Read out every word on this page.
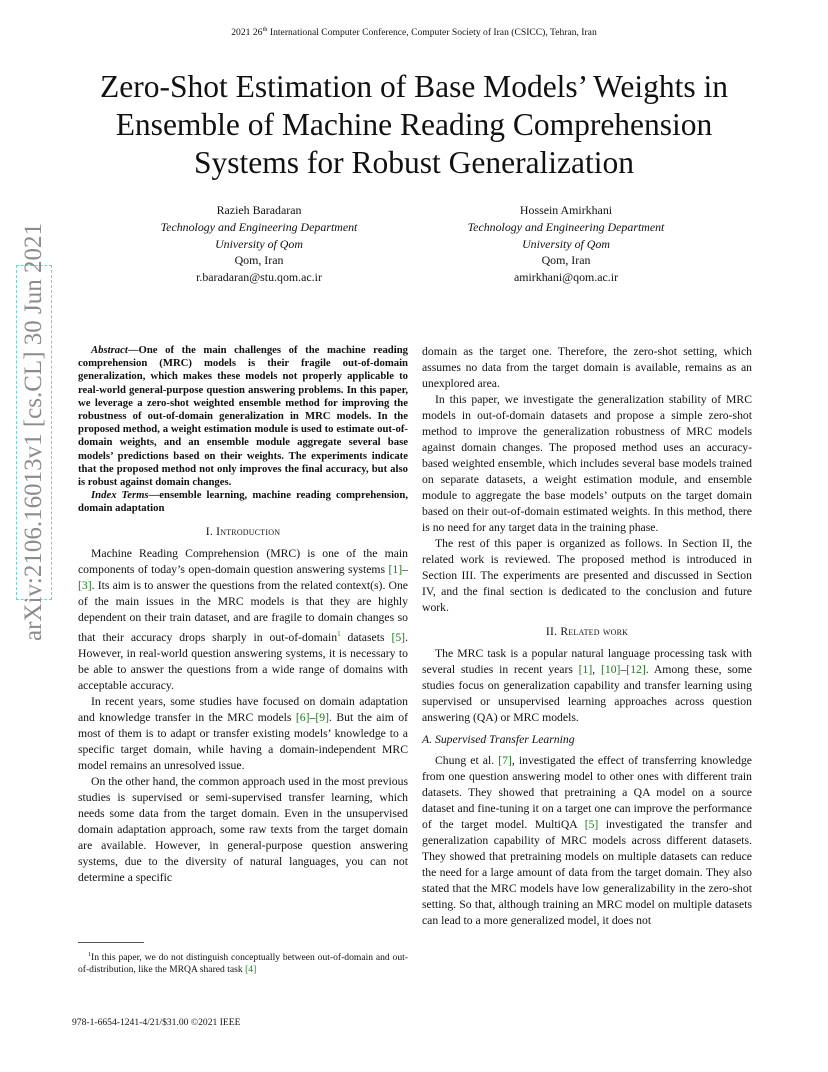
2021 26th International Computer Conference, Computer Society of Iran (CSICC), Tehran, Iran
Zero-Shot Estimation of Base Models’ Weights in Ensemble of Machine Reading Comprehension Systems for Robust Generalization
Razieh Baradaran
Technology and Engineering Department
University of Qom
Qom, Iran
r.baradaran@stu.qom.ac.ir
Hossein Amirkhani
Technology and Engineering Department
University of Qom
Qom, Iran
amirkhani@qom.ac.ir
arXiv:2106.16013v1 [cs.CL] 30 Jun 2021	Abstract—One of the main challenges of the machine reading comprehension (MRC) models is their fragile out-of-domain generalization, which makes these models not properly applicable to real-world general-purpose question answering problems. In this paper, we leverage a zero-shot weighted ensemble method for improving the robustness of out-of-domain generalization in MRC models. In the proposed method, a weight estimation module is used to estimate out-of-domain weights, and an ensemble module aggregate several base models’ predictions based on their weights. The experiments indicate that the proposed method not only improves the final accuracy, but also is robust against domain changes.

Index Terms—ensemble learning, machine reading comprehension, domain adaptation

I. Introduction

Machine Reading Comprehension (MRC) is one of the main components of today’s open-domain question answering systems [1]–[3]. Its aim is to answer the questions from the related context(s). One of the main issues in the MRC models is that they are highly dependent on their train dataset, and are fragile to domain changes so that their accuracy drops sharply in out-of-domain$^1$ datasets [5]. However, in real-world question answering systems, it is necessary to be able to answer the questions from a wide range of domains with acceptable accuracy.

In recent years, some studies have focused on domain adaptation and knowledge transfer in the MRC models [6]–[9]. But the aim of most of them is to adapt or transfer existing models’ knowledge to a specific target domain, while having a domain-independent MRC model remains an unresolved issue.

On the other hand, the common approach used in the most previous studies is supervised or semi-supervised transfer learning, which needs some data from the target domain. Even in the unsupervised domain adaptation approach, some raw texts from the target domain are available. However, in general-purpose question answering systems, due to the diversity of natural languages, you can not determine a specific

$^1$In this paper, we do not distinguish conceptually between out-of-domain and out-of-distribution, like the MRQA shared task [4]

domain as the target one. Therefore, the zero-shot setting, which assumes no data from the target domain is available, remains as an unexplored area.

In this paper, we investigate the generalization stability of MRC models in out-of-domain datasets and propose a simple zero-shot method to improve the generalization robustness of MRC models against domain changes. The proposed method uses an accuracy-based weighted ensemble, which includes several base models trained on separate datasets, a weight estimation module, and ensemble module to aggregate the base models’ outputs on the target domain based on their out-of-domain estimated weights. In this method, there is no need for any target data in the training phase.

The rest of this paper is organized as follows. In Section II, the related work is reviewed. The proposed method is introduced in Section III. The experiments are presented and discussed in Section IV, and the final section is dedicated to the conclusion and future work.

II. Related work

The MRC task is a popular natural language processing task with several studies in recent years [1], [10]–[12]. Among these, some studies focus on generalization capability and transfer learning using supervised or unsupervised learning approaches across question answering (QA) or MRC models.

A. Supervised Transfer Learning

Chung et al. [7], investigated the effect of transferring knowledge from one question answering model to other ones with different train datasets. They showed that pretraining a QA model on a source dataset and fine-tuning it on a target one can improve the performance of the target model. MultiQA [5] investigated the transfer and generalization capability of MRC models across different datasets. They showed that pretraining models on multiple datasets can reduce the need for a large amount of data from the target domain. They also stated that the MRC models have low generalizability in the zero-shot setting. So that, although training an MRC model on multiple datasets can lead to a more generalized model, it does not

978-1-6654-1241-4/21/$31.00 ©2021 IEEE
